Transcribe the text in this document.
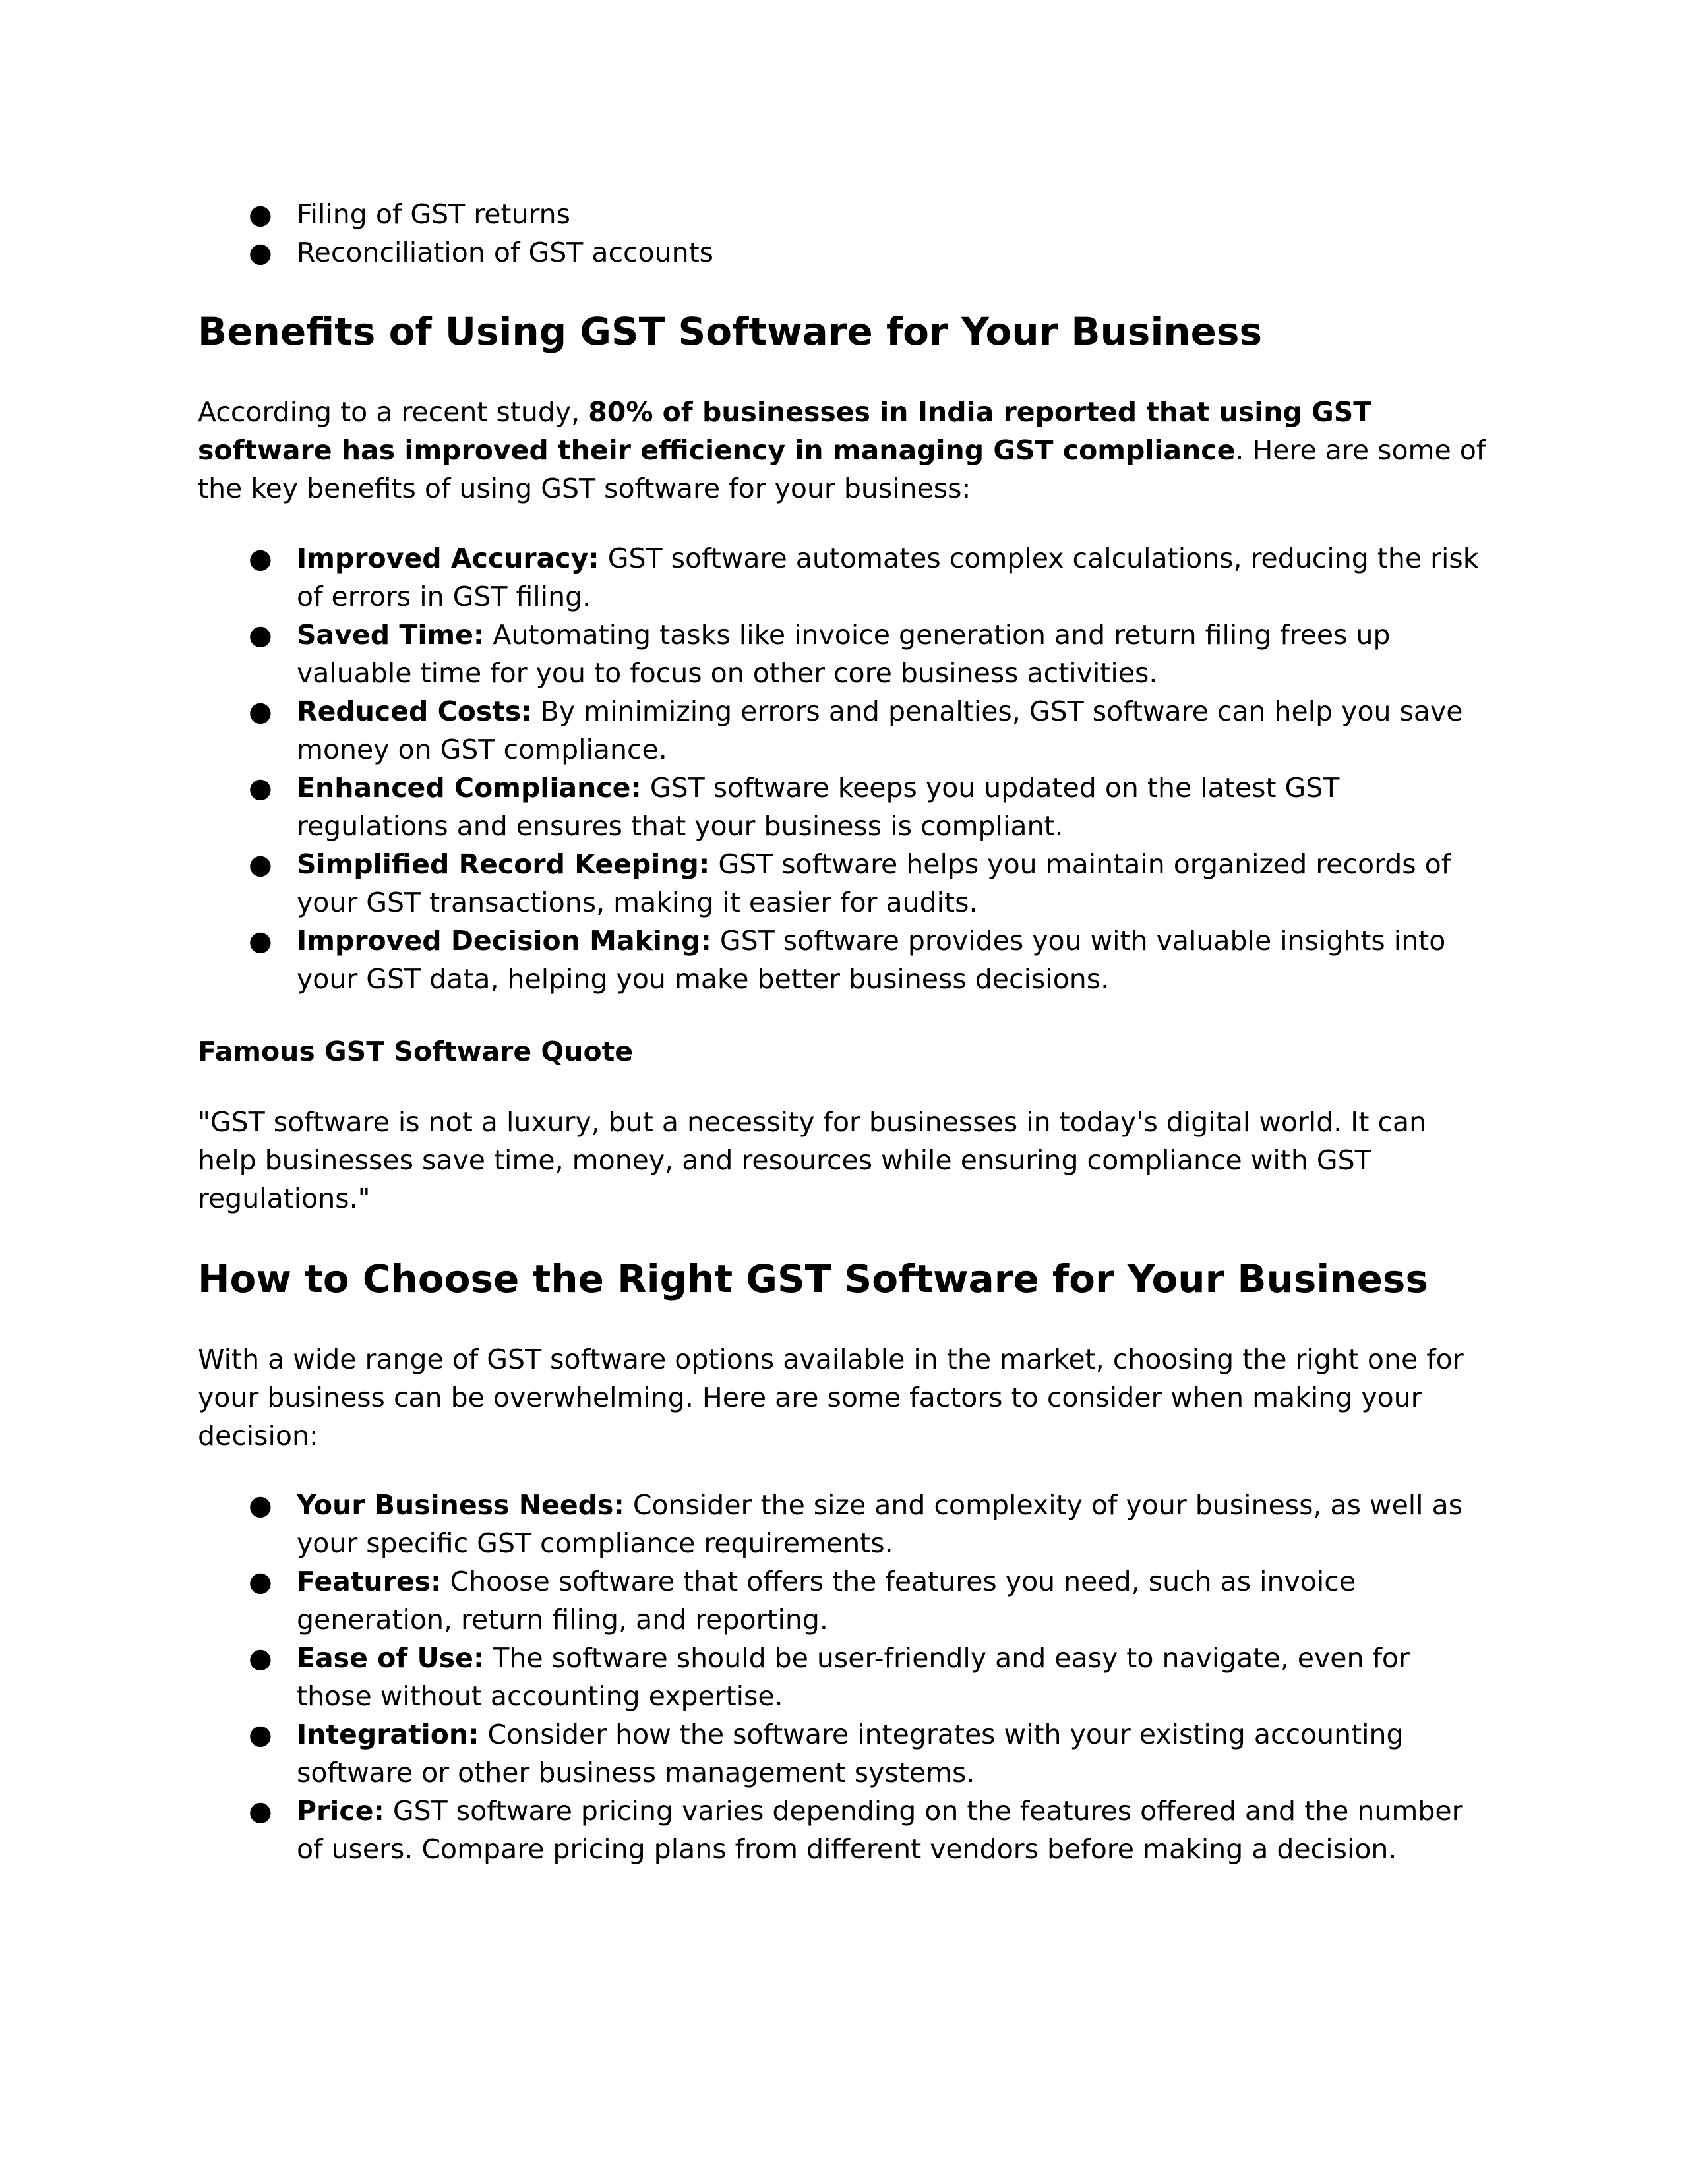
● Filing of GST returns
● Reconciliation of GST accounts
Benefits of Using GST Software for Your Business

According to a recent study, 80% of businesses in India reported that using GST software has improved their efficiency in managing GST compliance. Here are some of the key benefits of using GST software for your business:

● Improved Accuracy: GST software automates complex calculations, reducing the risk of errors in GST filing.
● Saved Time: Automating tasks like invoice generation and return filing frees up valuable time for you to focus on other core business activities.
● Reduced Costs: By minimizing errors and penalties, GST software can help you save money on GST compliance.
● Enhanced Compliance: GST software keeps you updated on the latest GST regulations and ensures that your business is compliant.
● Simplified Record Keeping: GST software helps you maintain organized records of your GST transactions, making it easier for audits.
● Improved Decision Making: GST software provides you with valuable insights into your GST data, helping you make better business decisions.
Famous GST Software Quote

"GST software is not a luxury, but a necessity for businesses in today's digital world. It can help businesses save time, money, and resources while ensuring compliance with GST regulations."

How to Choose the Right GST Software for Your Business

With a wide range of GST software options available in the market, choosing the right one for your business can be overwhelming. Here are some factors to consider when making your decision:

● Your Business Needs: Consider the size and complexity of your business, as well as your specific GST compliance requirements.
● Features: Choose software that offers the features you need, such as invoice generation, return filing, and reporting.
● Ease of Use: The software should be user-friendly and easy to navigate, even for those without accounting expertise.
● Integration: Consider how the software integrates with your existing accounting software or other business management systems.
● Price: GST software pricing varies depending on the features offered and the number of users. Compare pricing plans from different vendors before making a decision.
